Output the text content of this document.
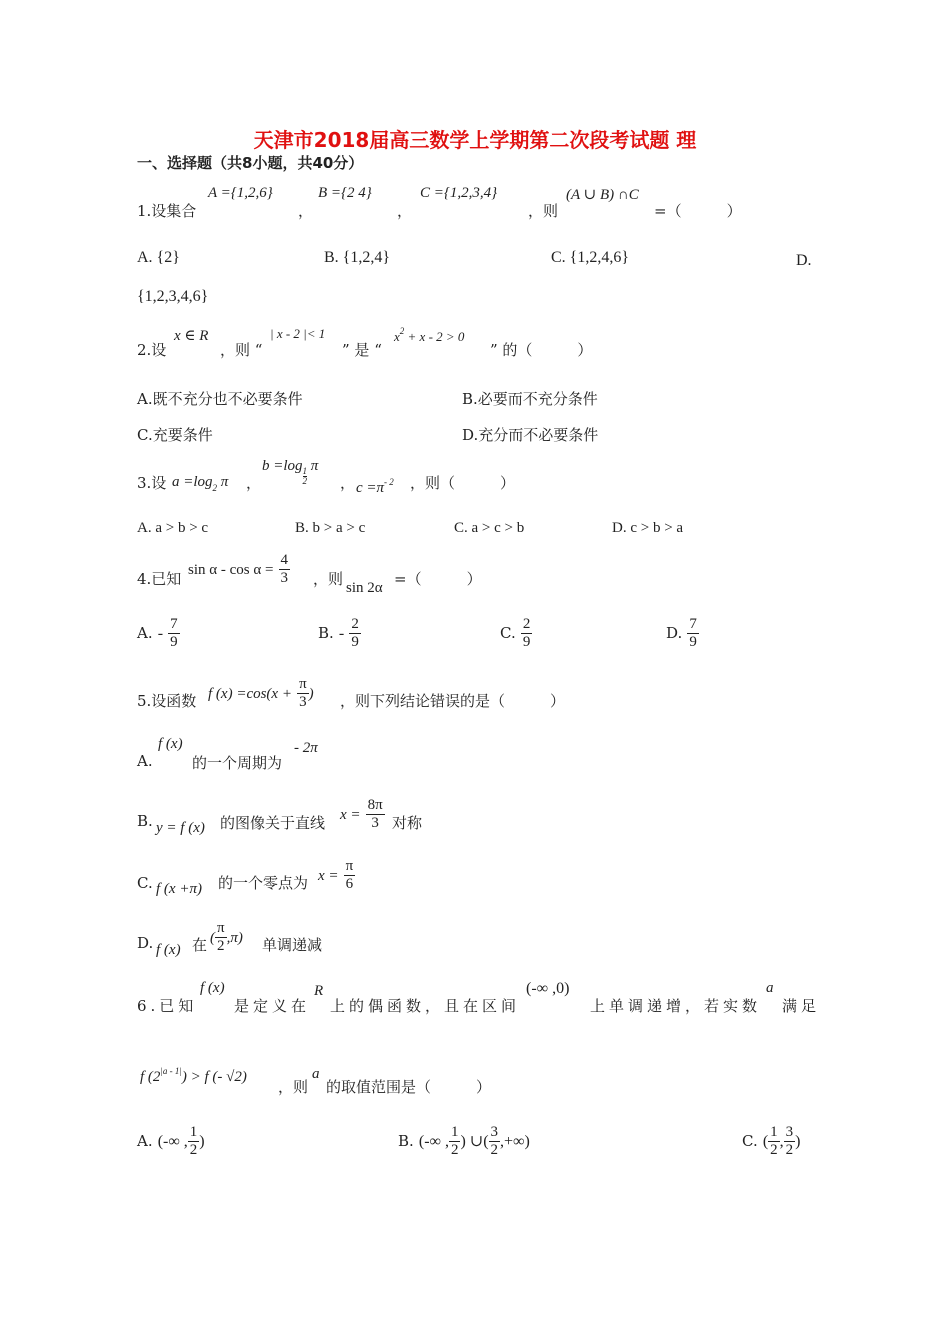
天津市2018届高三数学上学期第二次段考试题 理
一、选择题（共8小题，共40分）
1.设集合
A ={1,2,6}
，
B ={2 4}
，
C ={1,2,3,4}
，则
(A ∪ B) ∩C
=（　　　）
A. {2}	B. {1,2,4}	C. {1,2,4,6}	D.
{1,2,3,4,6}
2.设
x ∈ R
，则 “
| x - 2 |< 1
” 是 “
$x^2 + x - 2 > 0$
” 的（　　　）
A.既不充分也不必要条件	B.必要而不充分条件
C.充要条件	D.充分而不必要条件
3.设 $a =\log_2$ π ，
b =log
$\frac{1}{2}$
π
， $c =\pi^{- 2}$ ，则（　　　）
A. a > b > c	B. b > a > c	C. a > c > b	D. c > b > a
4.已知 $\sin \alpha - \cos \alpha = \frac{4}{3}$ ，则 sin 2α =（　　　）
A. - $\frac{7}{9}$	B. - $\frac{2}{9}$	C. $\frac{2}{9}$	D. $\frac{7}{9}$
5.设函数 f $(x) =\cos(x + \frac{\pi}{3}$ ) ，则下列结论错误的是（　　　）
A.
f (x)
的一个周期为
- 2π
B. y = f (x) 的图像关于直线 $x = \frac{8\pi}{3}$ 对称
C. f (x +π) 的一个零点为 $x = \frac{\pi}{6}$
D. f (x) 在 ( $\frac{\pi}{2} ,\pi$) 单调递减
6.已知
f (x)
是定义在
R
上的偶函数，且在区间
(-∞ ,0)
上单调递增，若实数
a
满足
f $(2^{|a - 1|}) > f$ (- √2)
，则
a
的取值范围是（　　　）
A. (-∞ , $\frac{1}{2}$ )	B. (-∞ , $\frac{1}{2}$ ) ∪( $\frac{3}{2}$ ,+∞)	C. ( $\frac{1}{2}$ , $\frac{3}{2}$ )
